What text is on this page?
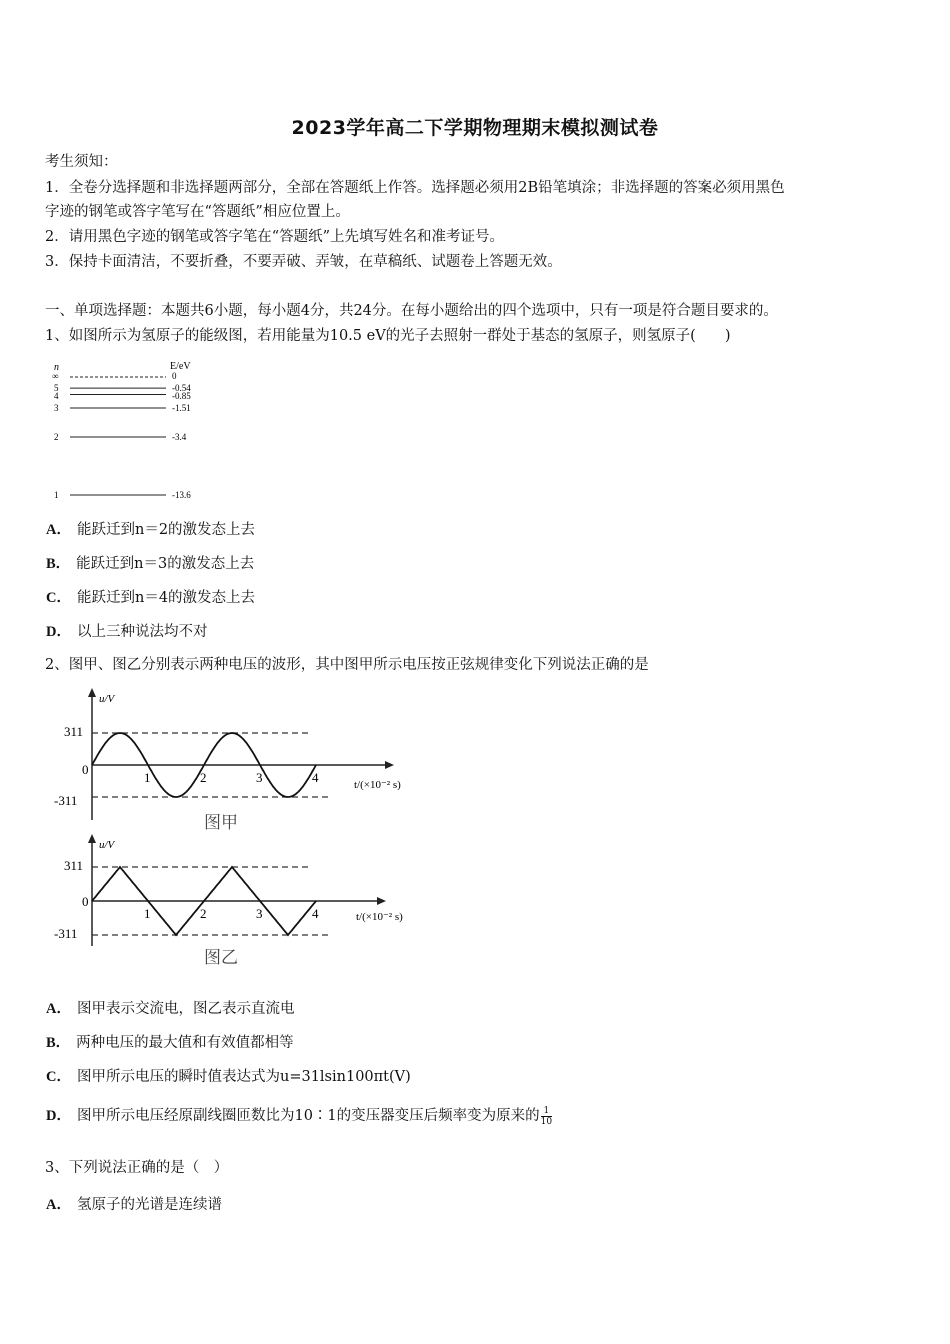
2023学年高二下学期物理期末模拟测试卷
考生须知：
1．全卷分选择题和非选择题两部分，全部在答题纸上作答。选择题必须用2B铅笔填涂；非选择题的答案必须用黑色
字迹的钢笔或答字笔写在“答题纸”相应位置上。
2．请用黑色字迹的钢笔或答字笔在“答题纸”上先填写姓名和准考证号。
3．保持卡面清洁，不要折叠，不要弄破、弄皱，在草稿纸、试题卷上答题无效。
一、单项选择题：本题共6小题，每小题4分，共24分。在每小题给出的四个选项中，只有一项是符合题目要求的。
1、如图所示为氢原子的能级图，若用能量为10.5 eV的光子去照射一群处于基态的氢原子，则氢原子(　　)
n	E/eV
∞	0
5	-0.54
4	-0.85
3	-1.51
2	-3.4
1	-13.6
A． 能跃迁到n＝2的激发态上去
B． 能跃迁到n＝3的激发态上去
C． 能跃迁到n＝4的激发态上去
D． 以上三种说法均不对
2、图甲、图乙分别表示两种电压的波形，其中图甲所示电压按正弦规律变化下列说法正确的是
u/V
311
0
-311
t/(×10⁻² s)
图甲
1	2	3	4
u/V
311
0
-311
t/(×10⁻² s)
图乙
1	2	3	4
A． 图甲表示交流电，图乙表示直流电
B． 两种电压的最大值和有效值都相等
C． 图甲所示电压的瞬时值表达式为u=31lsin100πt(V)
D． 图甲所示电压经原副线圈匝数比为10∶1的变压器变压后频率变为原来的 $\frac{1}{10}$
3、下列说法正确的是（　）
A． 氢原子的光谱是连续谱
